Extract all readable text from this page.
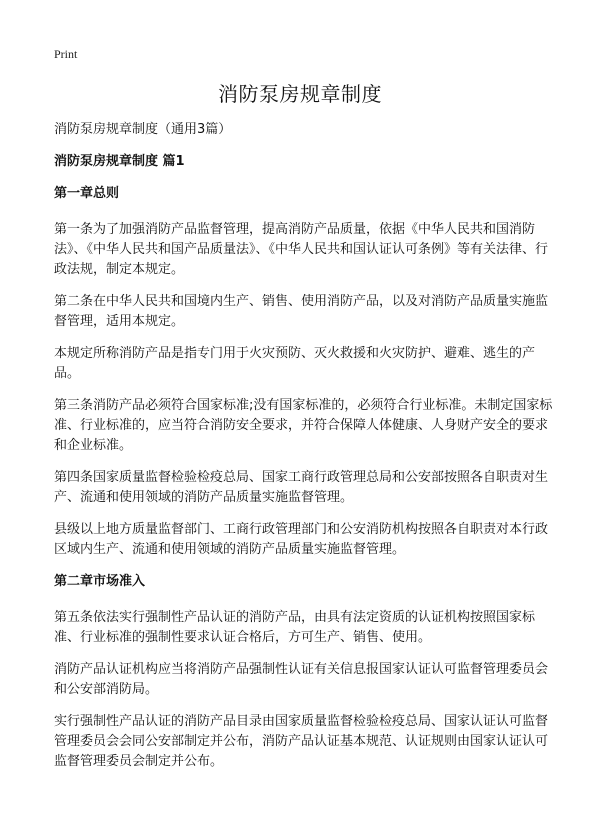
Print
消防泵房规章制度

消防泵房规章制度（通用3篇）

消防泵房规章制度 篇1

第一章总则

第一条为了加强消防产品监督管理，提高消防产品质量，依据《中华人民共和国消防法》、《中华人民共和国产品质量法》、《中华人民共和国认证认可条例》等有关法律、行政法规，制定本规定。

第二条在中华人民共和国境内生产、销售、使用消防产品，以及对消防产品质量实施监督管理，适用本规定。

本规定所称消防产品是指专门用于火灾预防、灭火救援和火灾防护、避难、逃生的产品。

第三条消防产品必须符合国家标准;没有国家标准的，必须符合行业标准。未制定国家标准、行业标准的，应当符合消防安全要求，并符合保障人体健康、人身财产安全的要求和企业标准。

第四条国家质量监督检验检疫总局、国家工商行政管理总局和公安部按照各自职责对生产、流通和使用领域的消防产品质量实施监督管理。

县级以上地方质量监督部门、工商行政管理部门和公安消防机构按照各自职责对本行政区域内生产、流通和使用领域的消防产品质量实施监督管理。

第二章市场准入

第五条依法实行强制性产品认证的消防产品，由具有法定资质的认证机构按照国家标准、行业标准的强制性要求认证合格后，方可生产、销售、使用。

消防产品认证机构应当将消防产品强制性认证有关信息报国家认证认可监督管理委员会和公安部消防局。

实行强制性产品认证的消防产品目录由国家质量监督检验检疫总局、国家认证认可监督管理委员会会同公安部制定并公布，消防产品认证基本规范、认证规则由国家认证认可监督管理委员会制定并公布。
